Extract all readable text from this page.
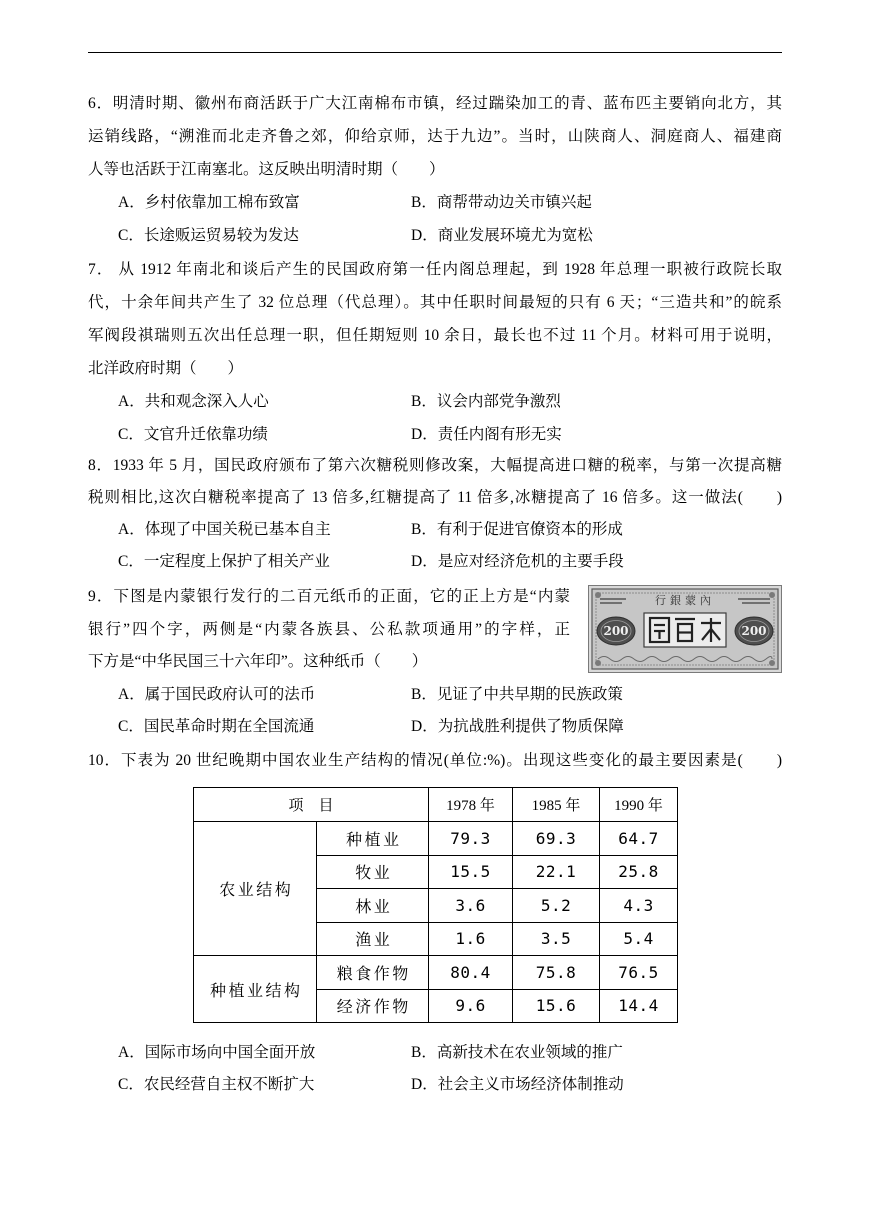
6．明清时期、徽州布商活跃于广大江南棉布市镇，经过踹染加工的青、蓝布匹主要销向北方，其
运销线路，“溯淮而北走齐鲁之郊，仰给京师，达于九边”。当时，山陕商人、洞庭商人、福建商
人等也活跃于江南塞北。这反映出明清时期（　　）
A．乡村依靠加工棉布致富	B．商帮带动边关市镇兴起
C．长途贩运贸易较为发达	D．商业发展环境尤为宽松
7． 从 1912 年南北和谈后产生的民国政府第一任内阁总理起，到 1928 年总理一职被行政院长取
代，十余年间共产生了 32 位总理（代总理）。其中任职时间最短的只有 6 天；“三造共和”的皖系
军阀段祺瑞则五次出任总理一职，但任期短则 10 余日，最长也不过 11 个月。材料可用于说明，
北洋政府时期（　　）
A．共和观念深入人心	B．议会内部党争激烈
C．文官升迁依靠功绩	D．责任内阁有形无实
8．1933 年 5 月，国民政府颁布了第六次糖税则修改案，大幅提高进口糖的税率，与第一次提高糖
税则相比,这次白糖税率提高了 13 倍多,红糖提高了 11 倍多,冰糖提高了 16 倍多。这一做法(　　)
A．体现了中国关税已基本自主	B．有利于促进官僚资本的形成
C．一定程度上保护了相关产业	D．是应对经济危机的主要手段
9．下图是内蒙银行发行的二百元纸币的正面，它的正上方是“内蒙
银行”四个字，两侧是“内蒙各族县、公私款项通用”的字样，正
下方是“中华民国三十六年印”。这种纸币（　　）
行銀蒙內
200	200
A．属于国民政府认可的法币	B．见证了中共早期的民族政策
C．国民革命时期在全国流通	D．为抗战胜利提供了物质保障
10．下表为 20 世纪晚期中国农业生产结构的情况(单位:%)。出现这些变化的最主要因素是(　　)
项　目		1978 年	1985 年	1990 年
农业结构	种植业	79.3	69.3	64.7
	牧业	15.5	22.1	25.8
	林业	3.6	5.2	4.3
	渔业	1.6	3.5	5.4
种植业结构	粮食作物	80.4	75.8	76.5
	经济作物	9.6	15.6	14.4
A．国际市场向中国全面开放	B．高新技术在农业领域的推广
C．农民经营自主权不断扩大	D．社会主义市场经济体制推动
